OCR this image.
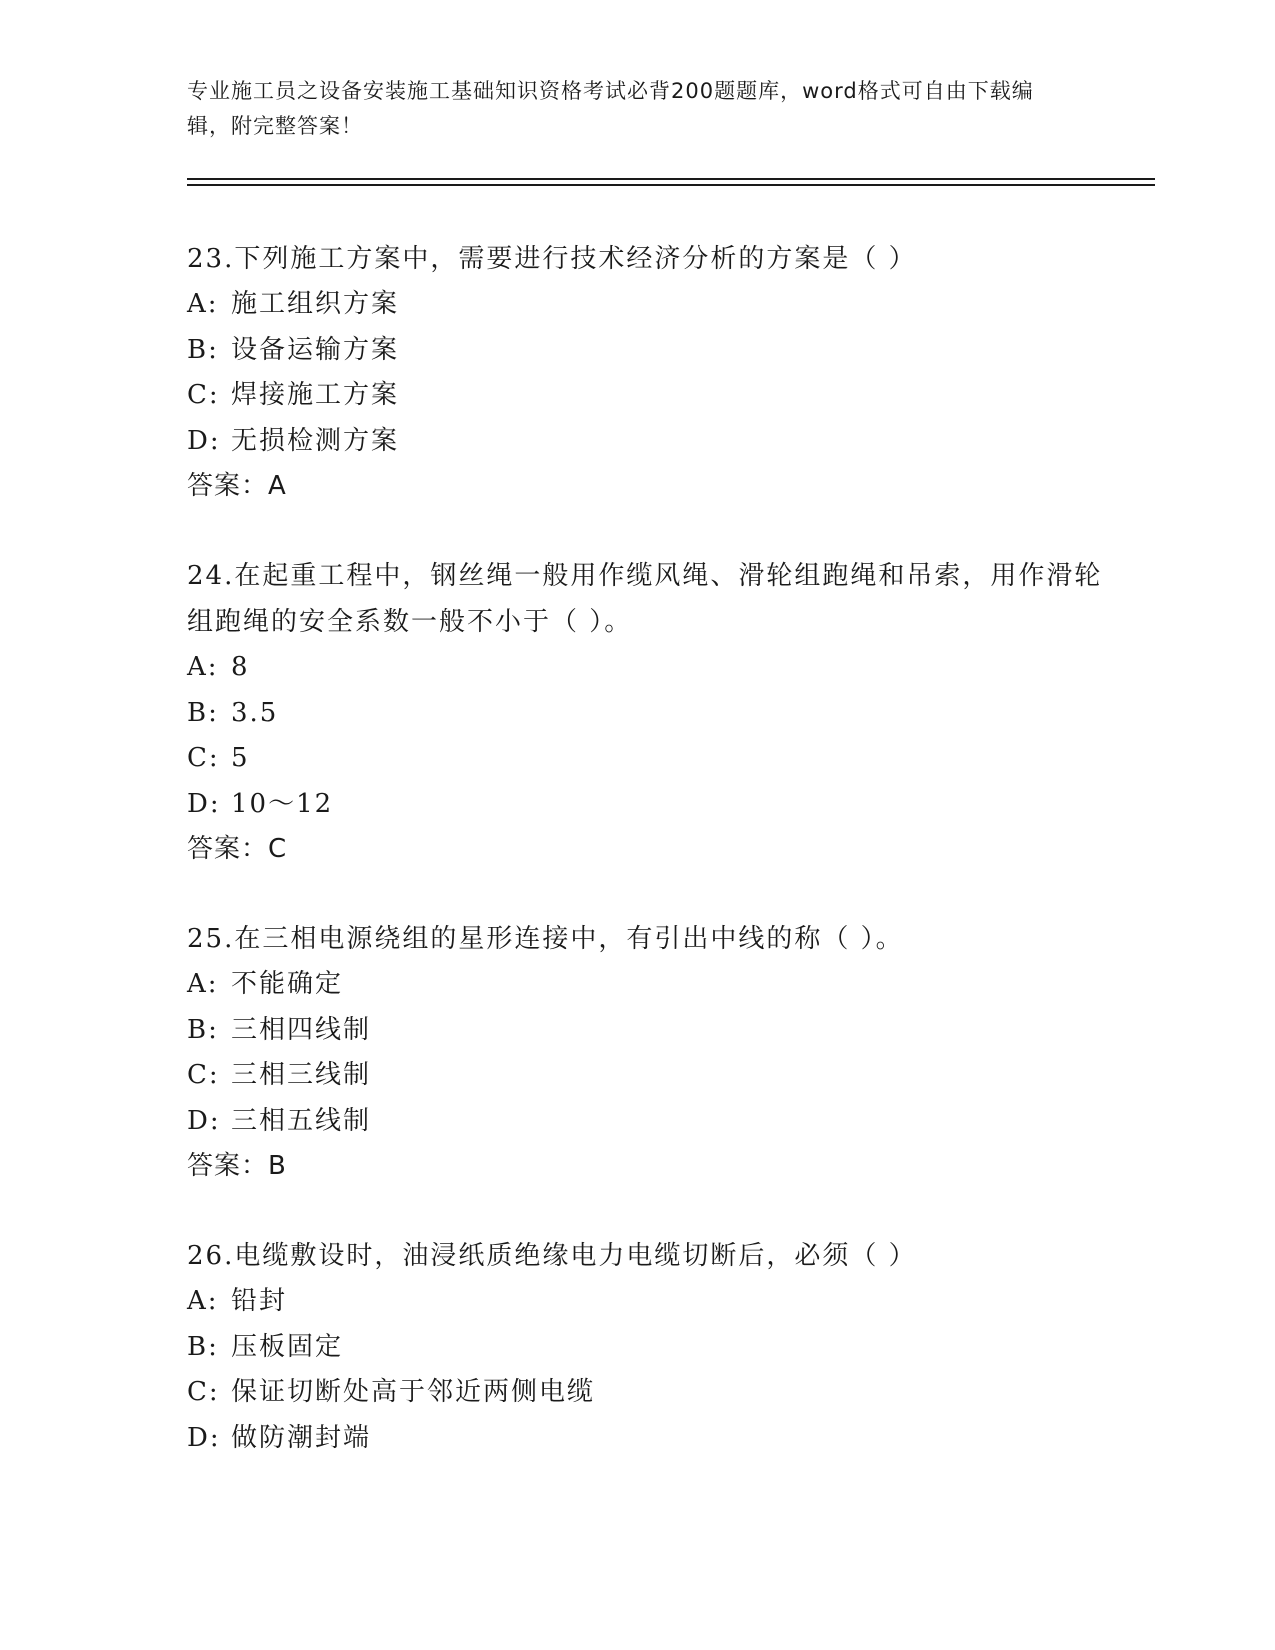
专业施工员之设备安装施工基础知识资格考试必背200题题库，word格式可自由下载编辑，附完整答案！

23.下列施工方案中，需要进行技术经济分析的方案是（ ）

A: 施工组织方案

B: 设备运输方案

C: 焊接施工方案

D: 无损检测方案

答案：A

24.在起重工程中，钢丝绳一般用作缆风绳、滑轮组跑绳和吊索，用作滑轮组跑绳的安全系数一般不小于（ ）。

A: 8

B: 3.5

C: 5

D: 10～12

答案：C

25.在三相电源绕组的星形连接中，有引出中线的称（ ）。

A: 不能确定

B: 三相四线制

C: 三相三线制

D: 三相五线制

答案：B

26.电缆敷设时，油浸纸质绝缘电力电缆切断后，必须（ ）

A: 铅封

B: 压板固定

C: 保证切断处高于邻近两侧电缆

D: 做防潮封端
